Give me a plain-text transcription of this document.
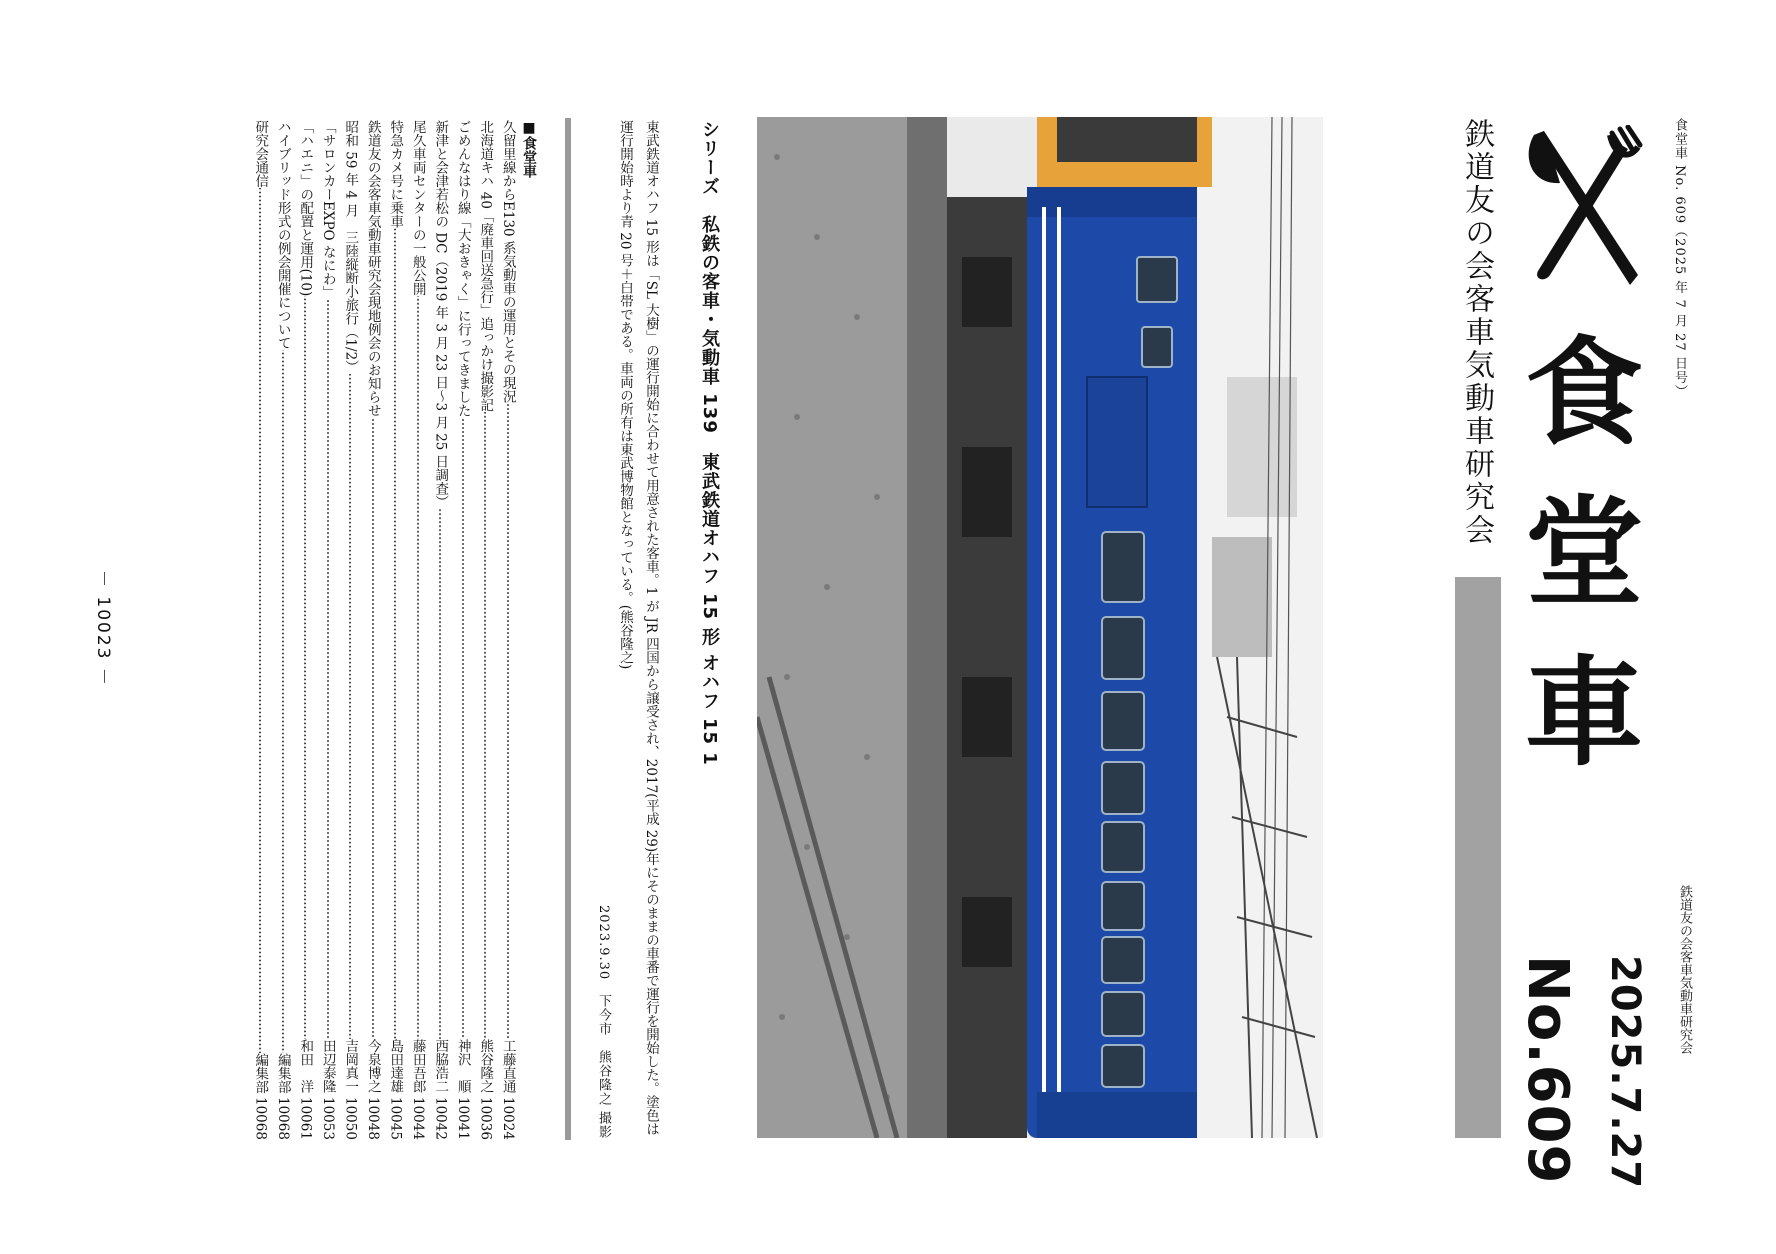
食堂車 No. 609（2025 年 7 月 27 日号）
鉄道友の会客車気動車研究会 食堂車
鉄道友の会客車気動車研究会
2025.7.27
No.609
シリーズ　私鉄の客車・気動車 139　東武鉄道オハフ 15 形 オハフ 15 1
東武鉄道オハフ 15 形は「SL 大樹」の運行開始に合わせて用意された客車。1 が JR 四国から譲受され、2017(平成 29)年にそのままの車番で運行を開始した。塗色は運行開始時より青 20 号＋白帯である。車両の所有は東武博物館となっている。(熊谷隆之)
2023.9.30　下今市　熊谷隆之 撮影
■食堂車
久留里線からE130 系気動車の運用とその現況
工藤直通
10024
北海道キハ 40「廃車回送急行」追っかけ撮影記
熊谷隆之
10036
ごめんなはり線「大おきゃく」に行ってきました
神沢　順
10041
新津と会津若松の DC（2019 年 3 月 23 日～3 月 25 日調査）
西脇浩二
10042
尾久車両センターの一般公開
藤田吾郎
10044
特急カメ号に乗車
島田達雄
10045
鉄道友の会客車気動車研究会現地例会のお知らせ
今泉博之
10048
昭和 59 年 4 月　三陸縦断小旅行（1/2）
吉岡真一
10050
「サロンカーEXPO なにわ」
田辺泰隆
10053
「ハエニ」の配置と運用(10)
和田　洋
10061
ハイブリッド形式の例会開催について
編集部
10068
研究会通信
編集部
10068
－ 10023 －
